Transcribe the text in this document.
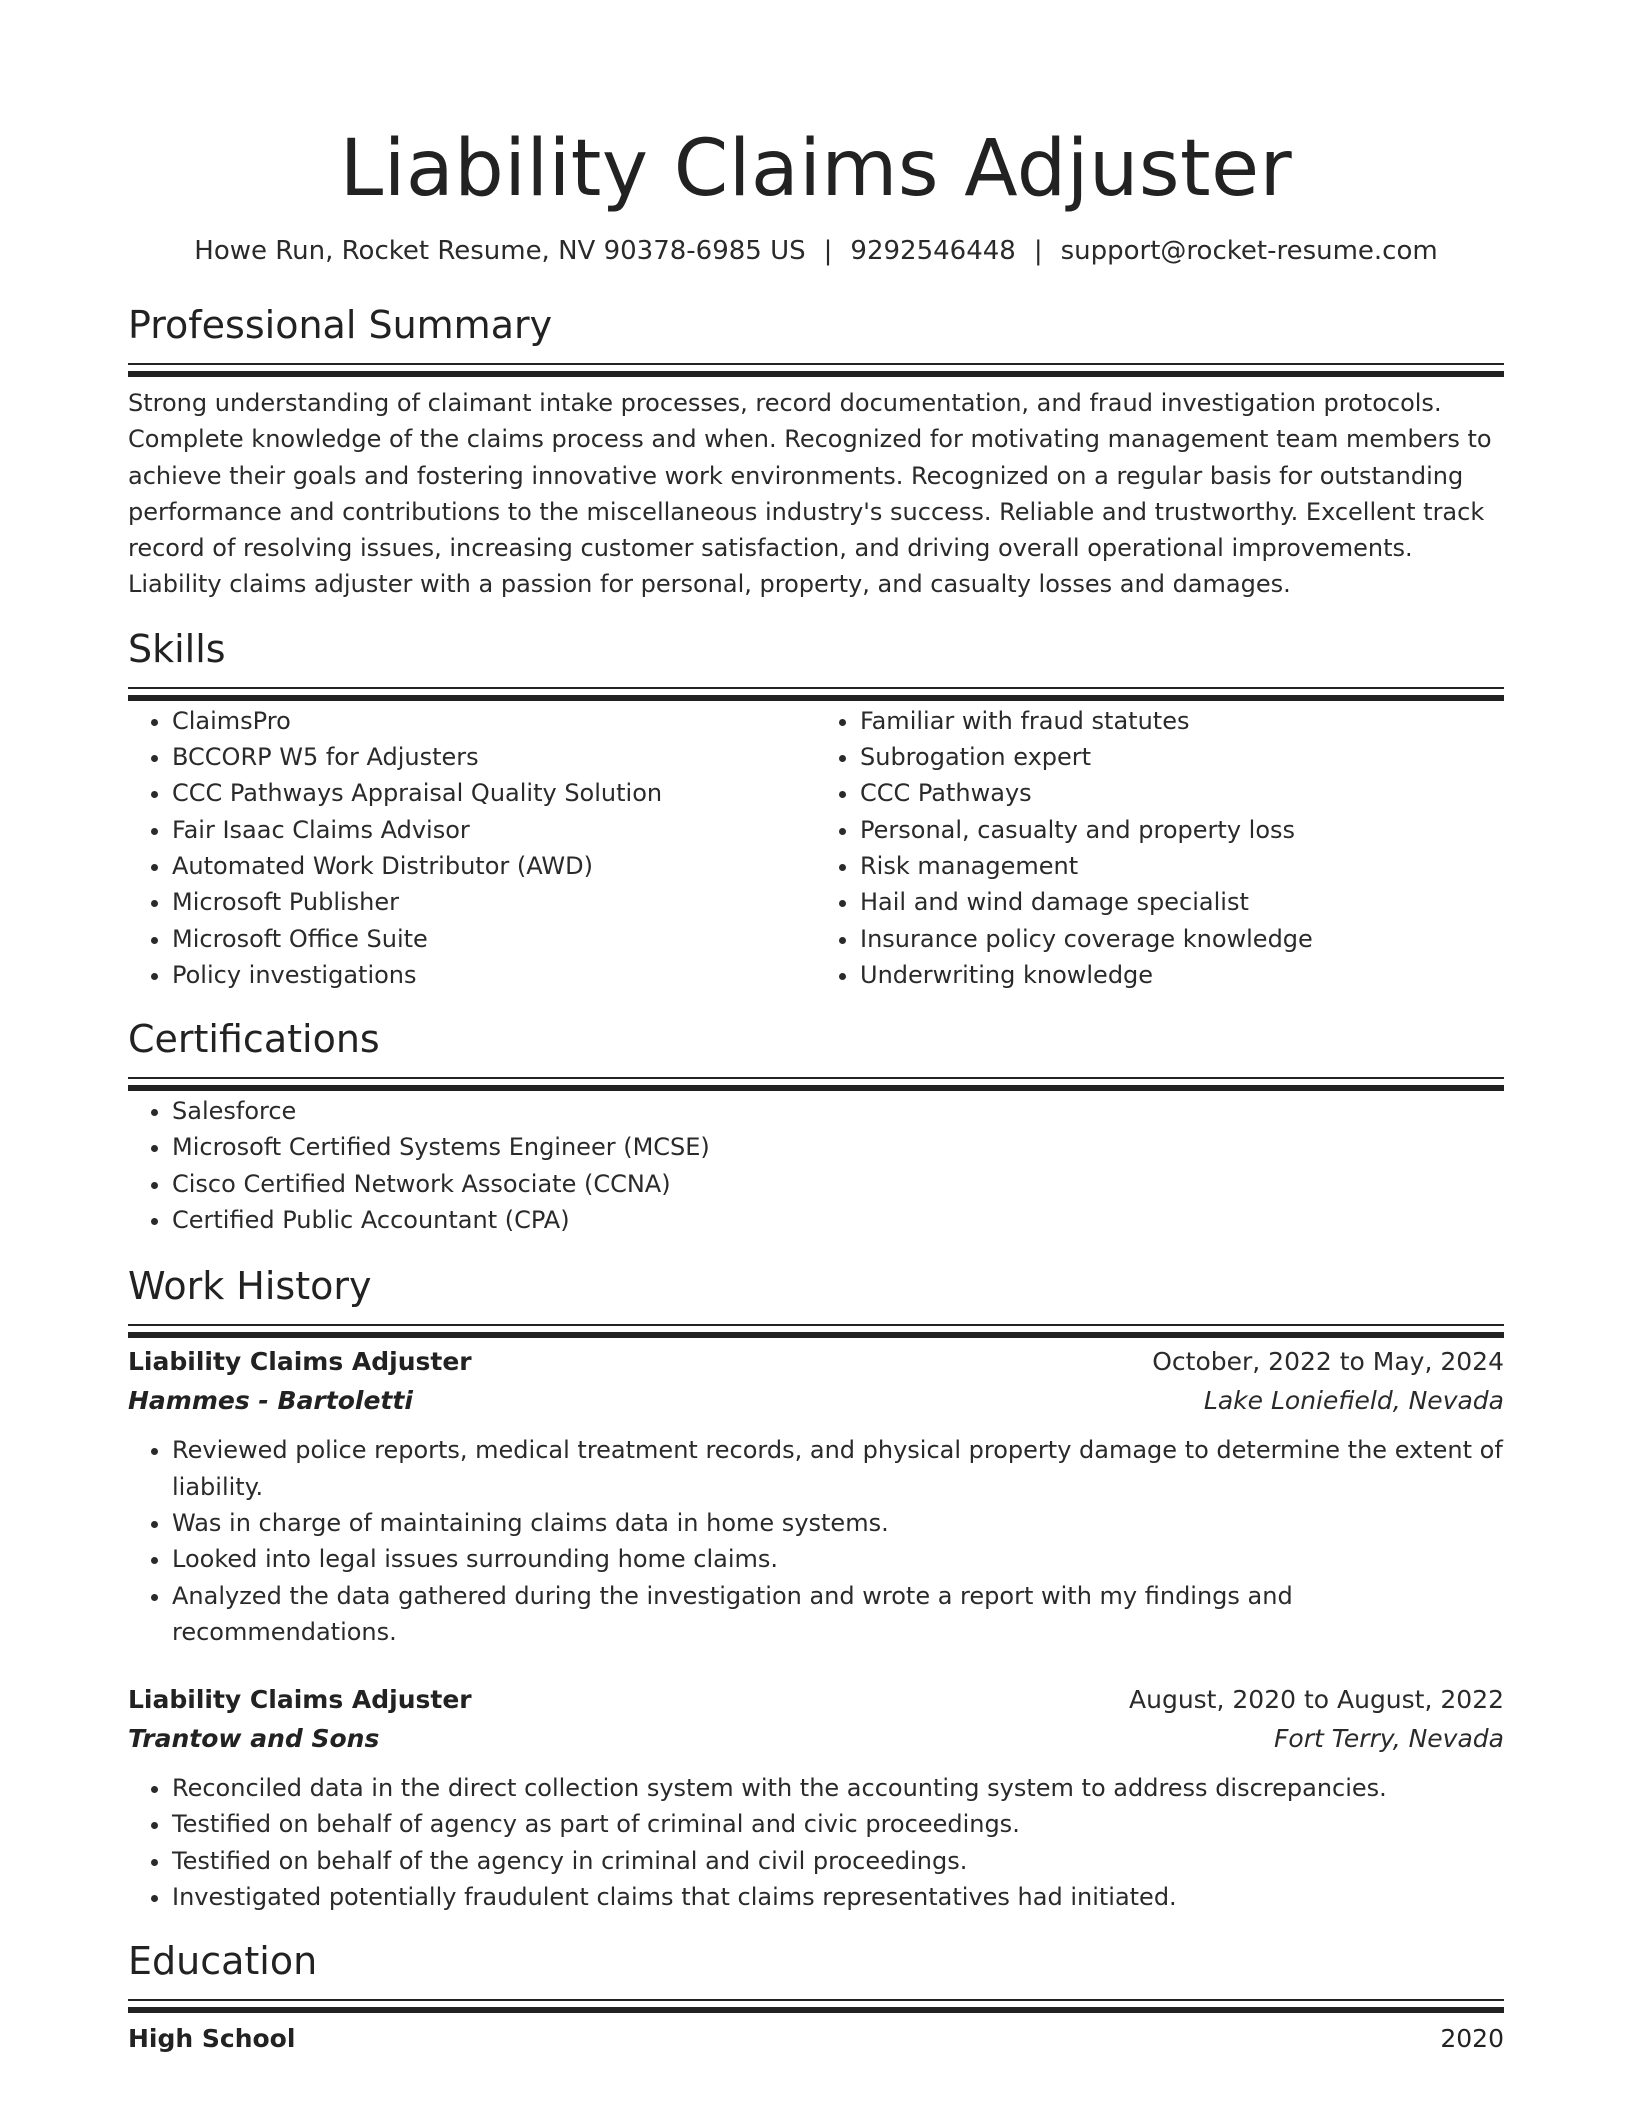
Liability Claims Adjuster
Howe Run, Rocket Resume, NV 90378-6985 US | 9292546448 | support@rocket-resume.com
Professional Summary

Strong understanding of claimant intake processes, record documentation, and fraud investigation protocols. Complete knowledge of the claims process and when. Recognized for motivating management team members to achieve their goals and fostering innovative work environments. Recognized on a regular basis for outstanding performance and contributions to the miscellaneous industry's success. Reliable and trustworthy. Excellent track record of resolving issues, increasing customer satisfaction, and driving overall operational improvements. Liability claims adjuster with a passion for personal, property, and casualty losses and damages.

Skills
• ClaimsPro
• BCCORP W5 for Adjusters
• CCC Pathways Appraisal Quality Solution
• Fair Isaac Claims Advisor
• Automated Work Distributor (AWD)
• Microsoft Publisher
• Microsoft Office Suite
• Policy investigations
• Familiar with fraud statutes
• Subrogation expert
• CCC Pathways
• Personal, casualty and property loss
• Risk management
• Hail and wind damage specialist
• Insurance policy coverage knowledge
• Underwriting knowledge
Certifications
• Salesforce
• Microsoft Certified Systems Engineer (MCSE)
• Cisco Certified Network Associate (CCNA)
• Certified Public Accountant (CPA)
Work History
Liability Claims Adjuster	October, 2022 to May, 2024
Hammes - Bartoletti	Lake Loniefield, Nevada
• Reviewed police reports, medical treatment records, and physical property damage to determine the extent of liability.
• Was in charge of maintaining claims data in home systems.
• Looked into legal issues surrounding home claims.
• Analyzed the data gathered during the investigation and wrote a report with my findings and recommendations.
Liability Claims Adjuster	August, 2020 to August, 2022
Trantow and Sons	Fort Terry, Nevada
• Reconciled data in the direct collection system with the accounting system to address discrepancies.
• Testified on behalf of agency as part of criminal and civic proceedings.
• Testified on behalf of the agency in criminal and civil proceedings.
• Investigated potentially fraudulent claims that claims representatives had initiated.
Education
High School	2020
